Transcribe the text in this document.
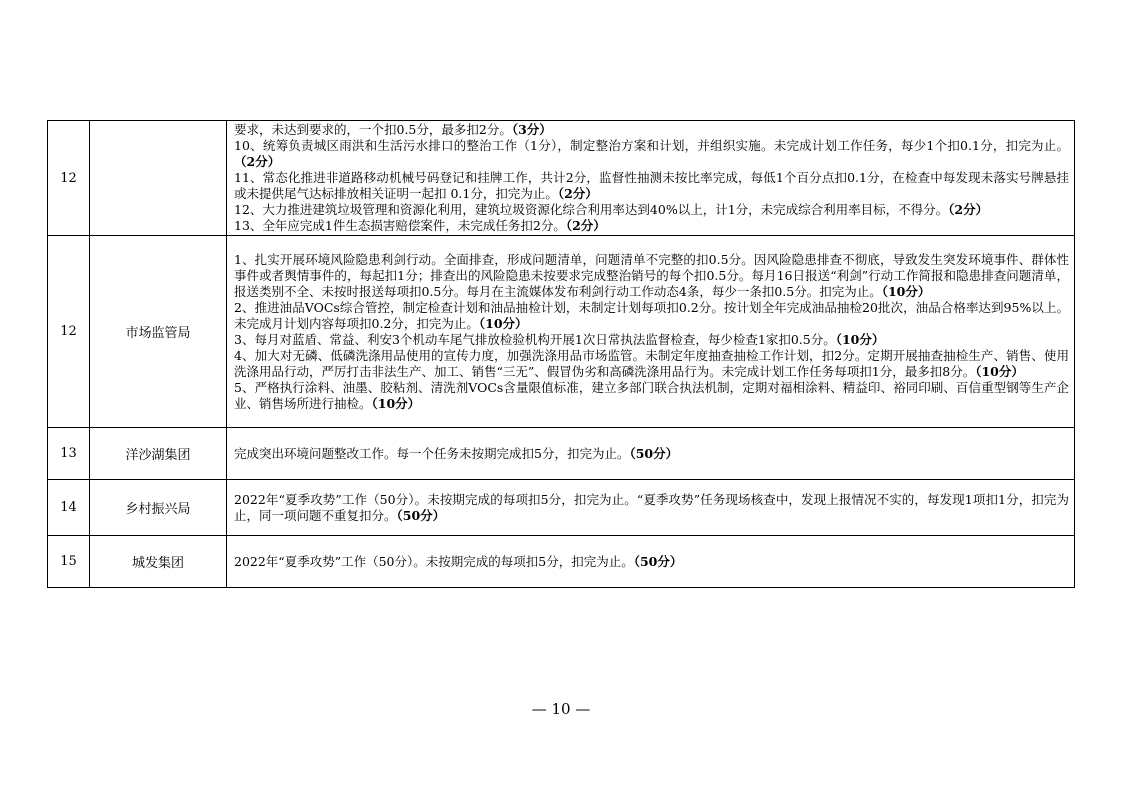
12		要求，未达到要求的，一个扣0.5分，最多扣2分。（3分）
10、统筹负责城区雨洪和生活污水排口的整治工作（1分），制定整治方案和计划，并组织实施。未完成计划工作任务，每少1个扣0.1分，扣完为止。（2分）
11、常态化推进非道路移动机械号码登记和挂牌工作，共计2分，监督性抽测未按比率完成，每低1个百分点扣0.1分，在检查中每发现未落实号牌悬挂或未提供尾气达标排放相关证明一起扣 0.1分，扣完为止。（2分）
12、大力推进建筑垃圾管理和资源化利用，建筑垃圾资源化综合利用率达到40%以上，计1分，未完成综合利用率目标，不得分。（2分）
13、全年应完成1件生态损害赔偿案件，未完成任务扣2分。（2分）

12	市场监管局	1、扎实开展环境风险隐患利剑行动。全面排查，形成问题清单，问题清单不完整的扣0.5分。因风险隐患排查不彻底，导致发生突发环境事件、群体性事件或者舆情事件的，每起扣1分；排查出的风险隐患未按要求完成整治销号的每个扣0.5分。每月16日报送“利剑”行动工作简报和隐患排查问题清单，报送类别不全、未按时报送每项扣0.5分。每月在主流媒体发布利剑行动工作动态4条，每少一条扣0.5分。扣完为止。（10分）
2、推进油品VOCs综合管控，制定检查计划和油品抽检计划，未制定计划每项扣0.2分。按计划全年完成油品抽检20批次，油品合格率达到95%以上。未完成月计划内容每项扣0.2分，扣完为止。（10分）
3、每月对蓝盾、常益、利安3个机动车尾气排放检验机构开展1次日常执法监督检查，每少检查1家扣0.5分。（10分）
4、加大对无磷、低磷洗涤用品使用的宣传力度，加强洗涤用品市场监管。未制定年度抽查抽检工作计划，扣2分。定期开展抽查抽检生产、销售、使用洗涤用品行动，严厉打击非法生产、加工、销售“三无”、假冒伪劣和高磷洗涤用品行为。未完成计划工作任务每项扣1分，最多扣8分。（10分）
5、严格执行涂料、油墨、胶粘剂、清洗剂VOCs含量限值标准，建立多部门联合执法机制，定期对福相涂料、精益印、裕同印刷、百信重型钢等生产企业、销售场所进行抽检。（10分）

13	洋沙湖集团	完成突出环境问题整改工作。每一个任务未按期完成扣5分，扣完为止。（50分）

14	乡村振兴局	2022年“夏季攻势”工作（50分）。未按期完成的每项扣5分，扣完为止。“夏季攻势”任务现场核查中，发现上报情况不实的，每发现1项扣1分，扣完为止，同一项问题不重复扣分。（50分）

15	城发集团	2022年“夏季攻势”工作（50分）。未按期完成的每项扣5分，扣完为止。（50分）
— 10 —
